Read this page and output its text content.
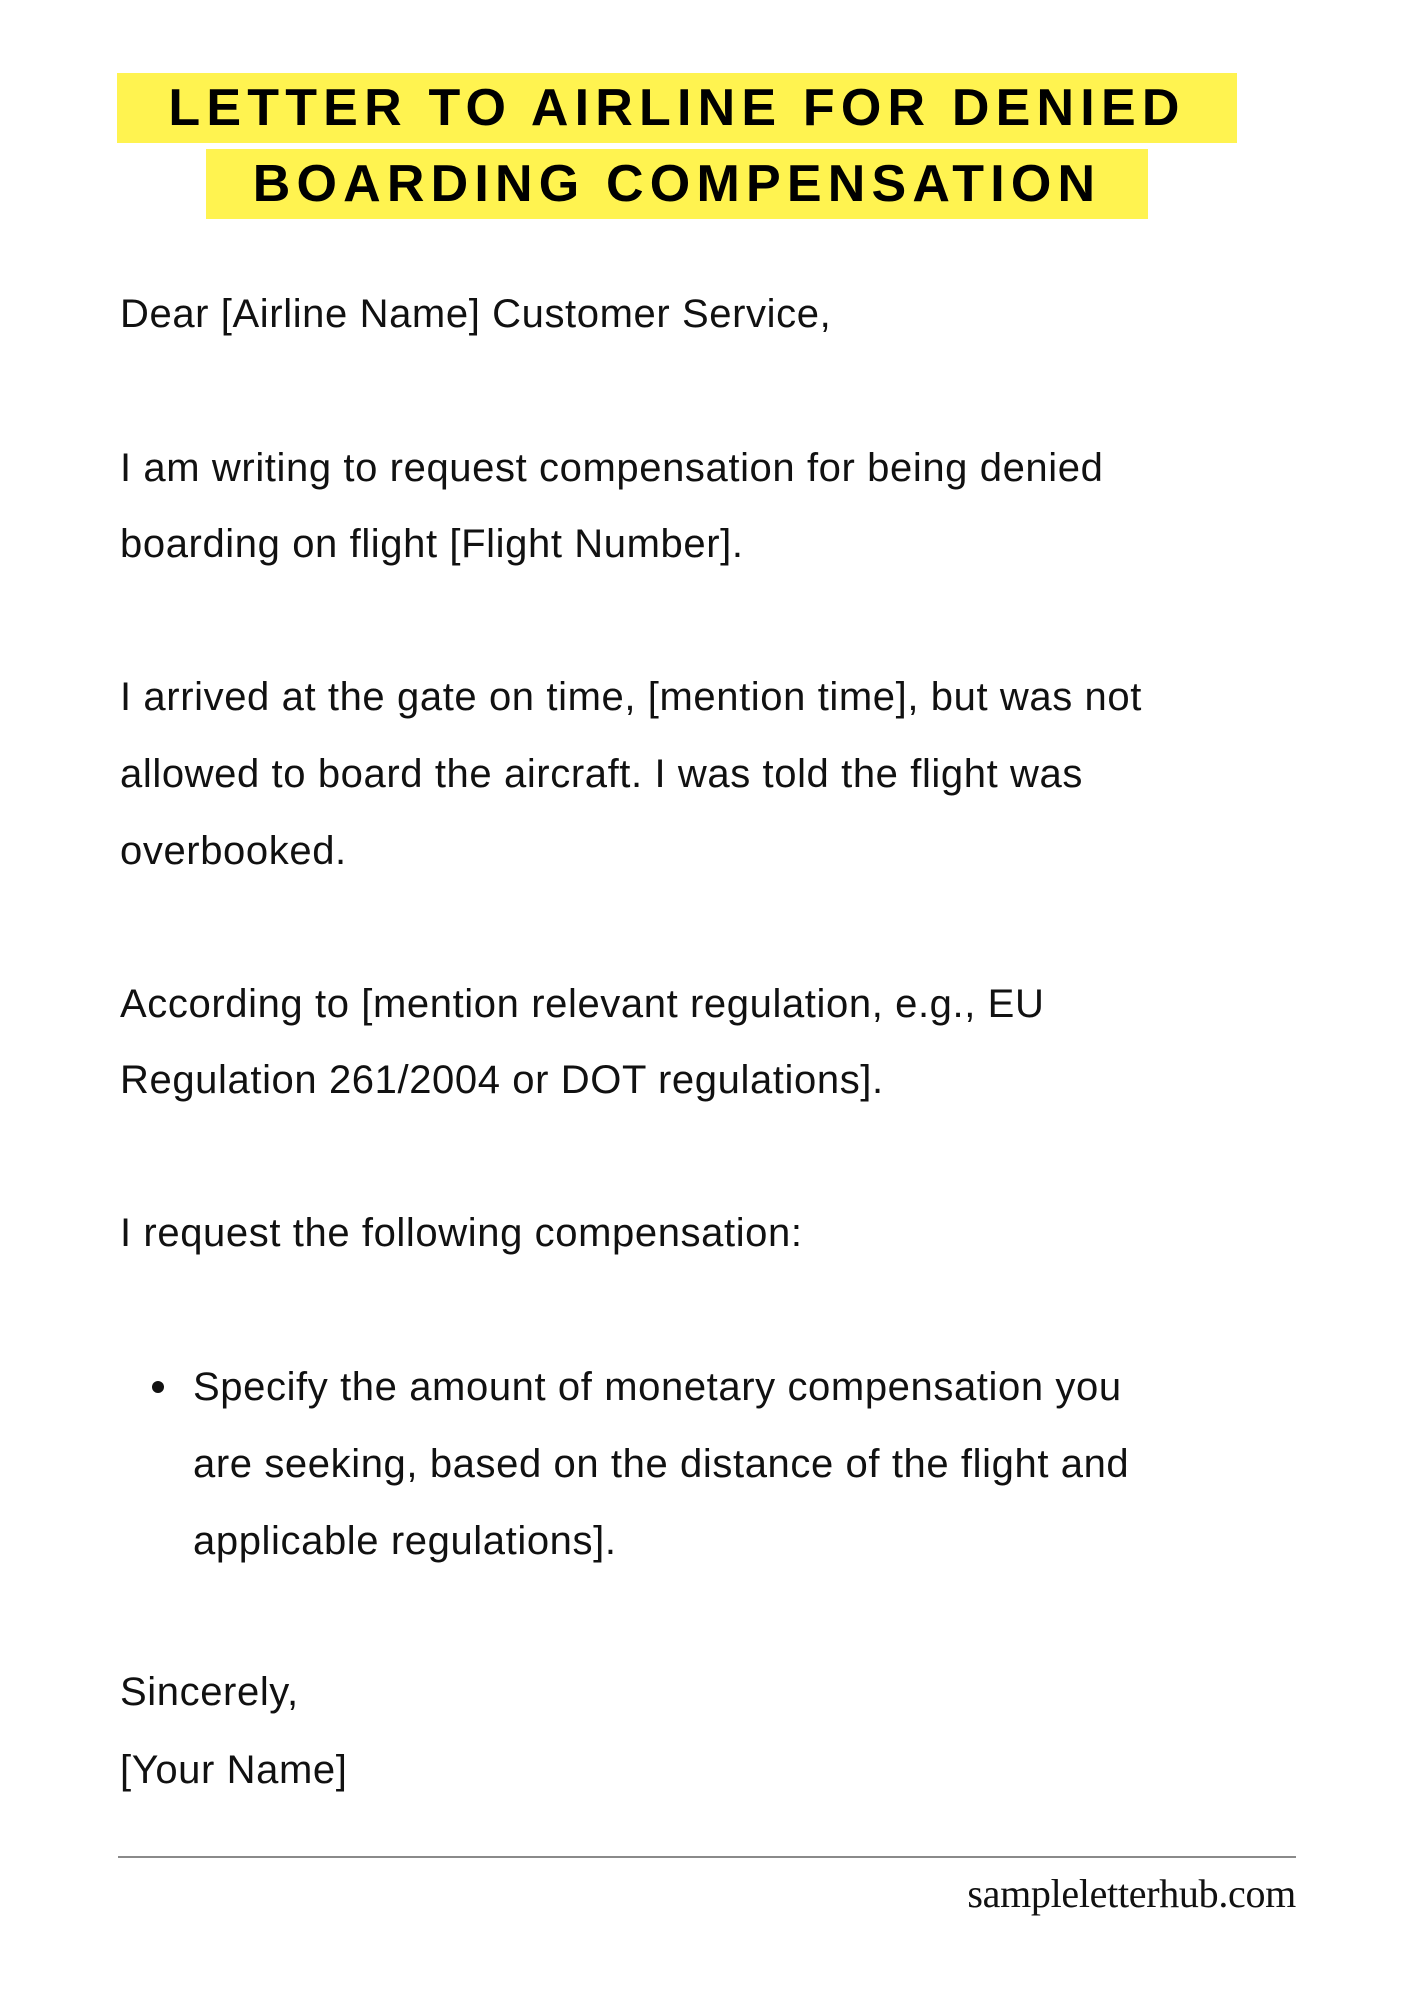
LETTER TO AIRLINE FOR DENIED
BOARDING COMPENSATION
Dear [Airline Name] Customer Service,
I am writing to request compensation for being denied
boarding on flight [Flight Number].
I arrived at the gate on time, [mention time], but was not
allowed to board the aircraft. I was told the flight was
overbooked.
According to [mention relevant regulation, e.g., EU
Regulation 261/2004 or DOT regulations].
I request the following compensation:
Specify the amount of monetary compensation you
are seeking, based on the distance of the flight and
applicable regulations].
Sincerely,
[Your Name]
sampleletterhub.com
